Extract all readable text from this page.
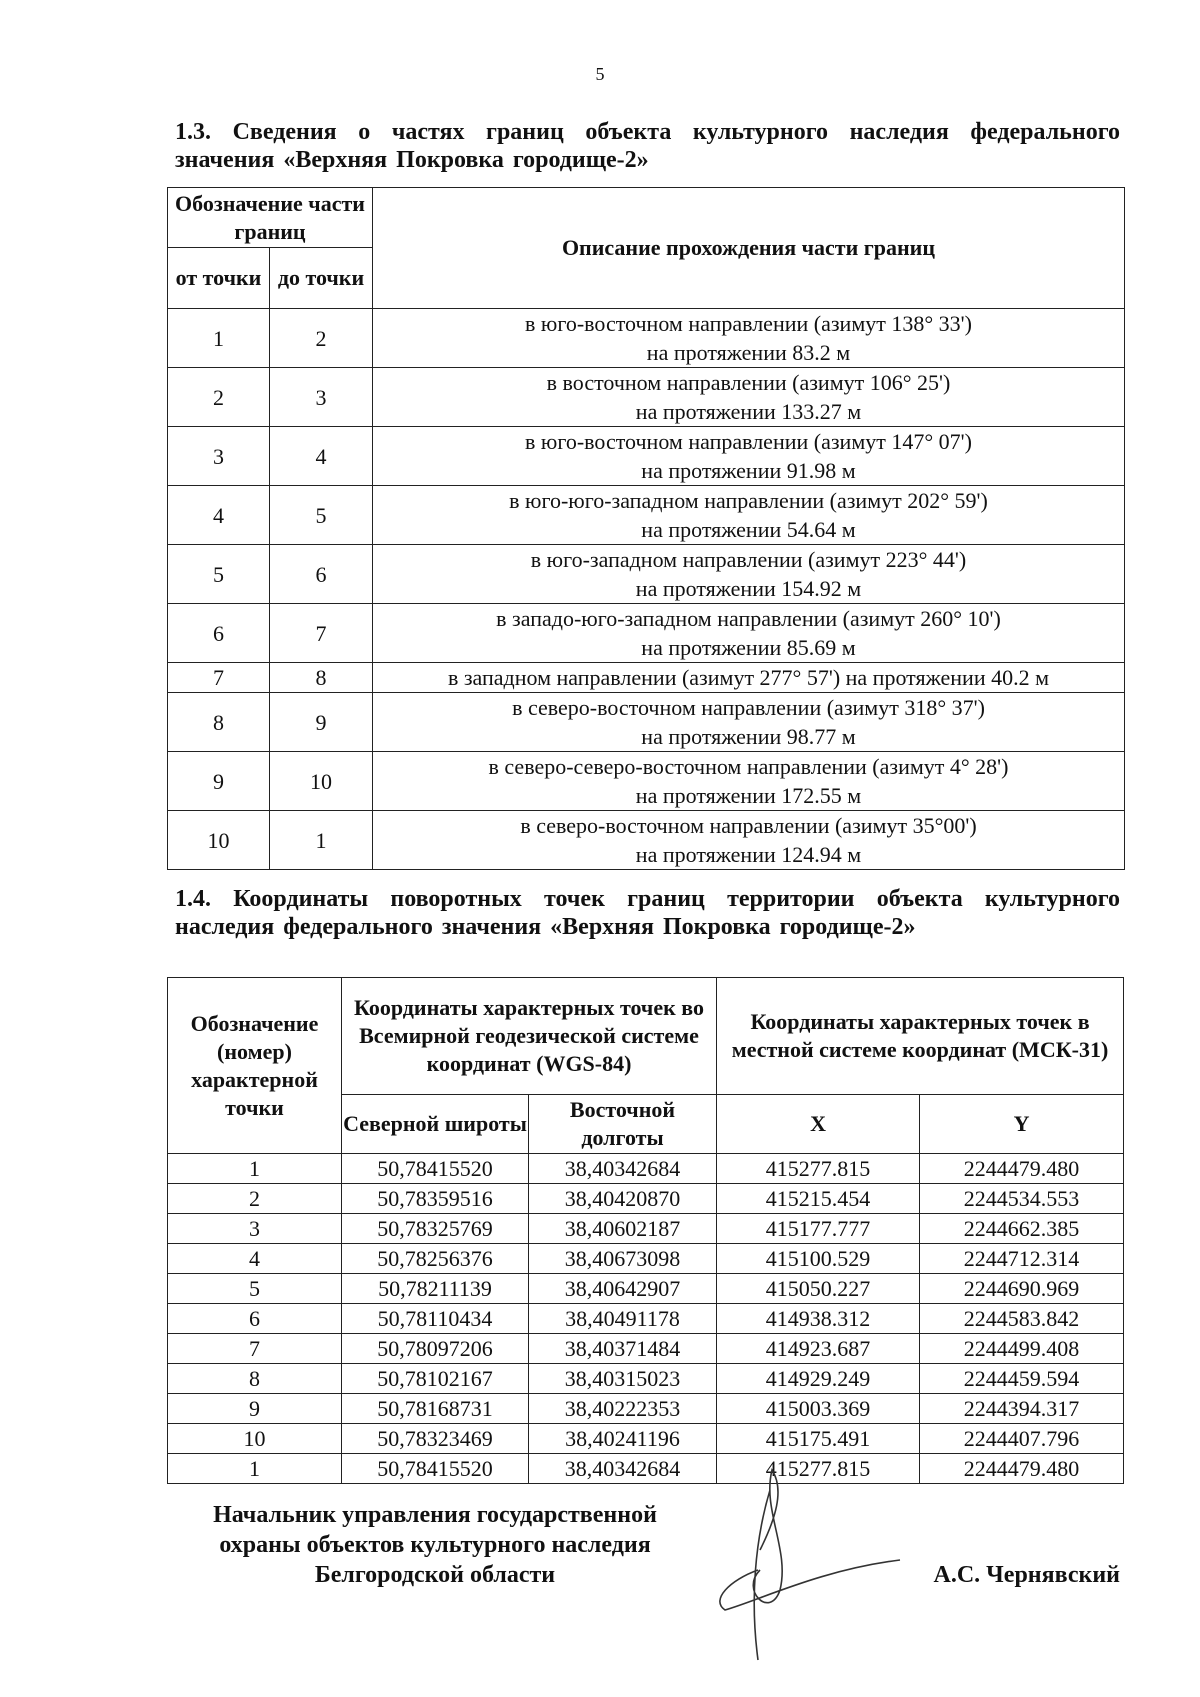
5
1.3. Сведения о частях границ объекта культурного наследия федерального значения «Верхняя Покровка городище-2»
Обозначение части границ		Описание прохождения части границ
от точки	до точки	
1	2	в юго-восточном направлении (азимут 138° 33')
на протяжении 83.2 м

2	3	в восточном направлении (азимут 106° 25')
на протяжении 133.27 м

3	4	в юго-восточном направлении (азимут 147° 07')
на протяжении 91.98 м

4	5	в юго-юго-западном направлении (азимут 202° 59')
на протяжении 54.64 м

5	6	в юго-западном направлении (азимут 223° 44')
на протяжении 154.92 м

6	7	в западо-юго-западном направлении (азимут 260° 10')
на протяжении 85.69 м

7	8	в западном направлении (азимут 277° 57') на протяжении 40.2 м

8	9	в северо-восточном направлении (азимут 318° 37')
на протяжении 98.77 м

9	10	в северо-северо-восточном направлении (азимут 4° 28')
на протяжении 172.55 м

10	1	в северо-восточном направлении (азимут 35°00')
на протяжении 124.94 м
1.4. Координаты поворотных точек границ территории объекта культурного наследия федерального значения «Верхняя Покровка городище-2»
Обозначение (номер) характерной точки	Координаты характерных точек во Всемирной геодезической системе координат (WGS-84)		Координаты характерных точек в местной системе координат (МСК-31)	
	Северной широты	Восточной долготы	X	Y
1	50,78415520	38,40342684	415277.815	2244479.480
2	50,78359516	38,40420870	415215.454	2244534.553
3	50,78325769	38,40602187	415177.777	2244662.385
4	50,78256376	38,40673098	415100.529	2244712.314
5	50,78211139	38,40642907	415050.227	2244690.969
6	50,78110434	38,40491178	414938.312	2244583.842
7	50,78097206	38,40371484	414923.687	2244499.408
8	50,78102167	38,40315023	414929.249	2244459.594
9	50,78168731	38,40222353	415003.369	2244394.317
10	50,78323469	38,40241196	415175.491	2244407.796
1	50,78415520	38,40342684	415277.815	2244479.480
Начальник управления государственной
охраны объектов культурного наследия
Белгородской области	А.С. Чернявский
